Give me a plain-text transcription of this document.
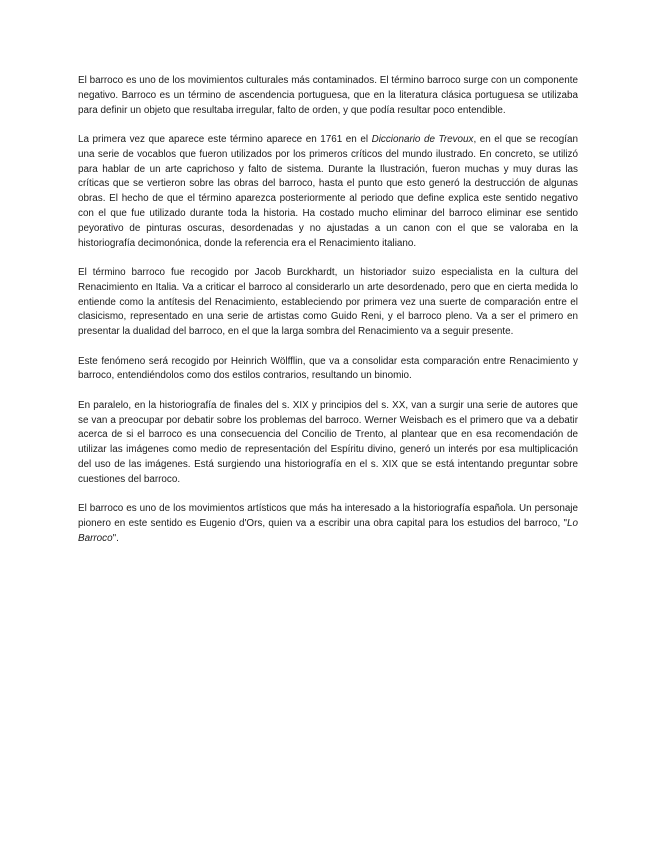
El barroco es uno de los movimientos culturales más contaminados. El término barroco surge con un componente negativo. Barroco es un término de ascendencia portuguesa, que en la literatura clásica portuguesa se utilizaba para definir un objeto que resultaba irregular, falto de orden, y que podía resultar poco entendible.

La primera vez que aparece este término aparece en 1761 en el Diccionario de Trevoux, en el que se recogían una serie de vocablos que fueron utilizados por los primeros críticos del mundo ilustrado. En concreto, se utilizó para hablar de un arte caprichoso y falto de sistema. Durante la Ilustración, fueron muchas y muy duras las críticas que se vertieron sobre las obras del barroco, hasta el punto que esto generó la destrucción de algunas obras. El hecho de que el término aparezca posteriormente al periodo que define explica este sentido negativo con el que fue utilizado durante toda la historia. Ha costado mucho eliminar del barroco eliminar ese sentido peyorativo de pinturas oscuras, desordenadas y no ajustadas a un canon con el que se valoraba en la historiografía decimonónica, donde la referencia era el Renacimiento italiano.

El término barroco fue recogido por Jacob Burckhardt, un historiador suizo especialista en la cultura del Renacimiento en Italia. Va a criticar el barroco al considerarlo un arte desordenado, pero que en cierta medida lo entiende como la antítesis del Renacimiento, estableciendo por primera vez una suerte de comparación entre el clasicismo, representado en una serie de artistas como Guido Reni, y el barroco pleno. Va a ser el primero en presentar la dualidad del barroco, en el que la larga sombra del Renacimiento va a seguir presente.

Este fenómeno será recogido por Heinrich Wölfflin, que va a consolidar esta comparación entre Renacimiento y barroco, entendiéndolos como dos estilos contrarios, resultando un binomio.

En paralelo, en la historiografía de finales del s. XIX y principios del s. XX, van a surgir una serie de autores que se van a preocupar por debatir sobre los problemas del barroco. Werner Weisbach es el primero que va a debatir acerca de si el barroco es una consecuencia del Concilio de Trento, al plantear que en esa recomendación de utilizar las imágenes como medio de representación del Espíritu divino, generó un interés por esa multiplicación del uso de las imágenes. Está surgiendo una historiografía en el s. XIX que se está intentando preguntar sobre cuestiones del barroco.

El barroco es uno de los movimientos artísticos que más ha interesado a la historiografía española. Un personaje pionero en este sentido es Eugenio d'Ors, quien va a escribir una obra capital para los estudios del barroco, "Lo Barroco".
